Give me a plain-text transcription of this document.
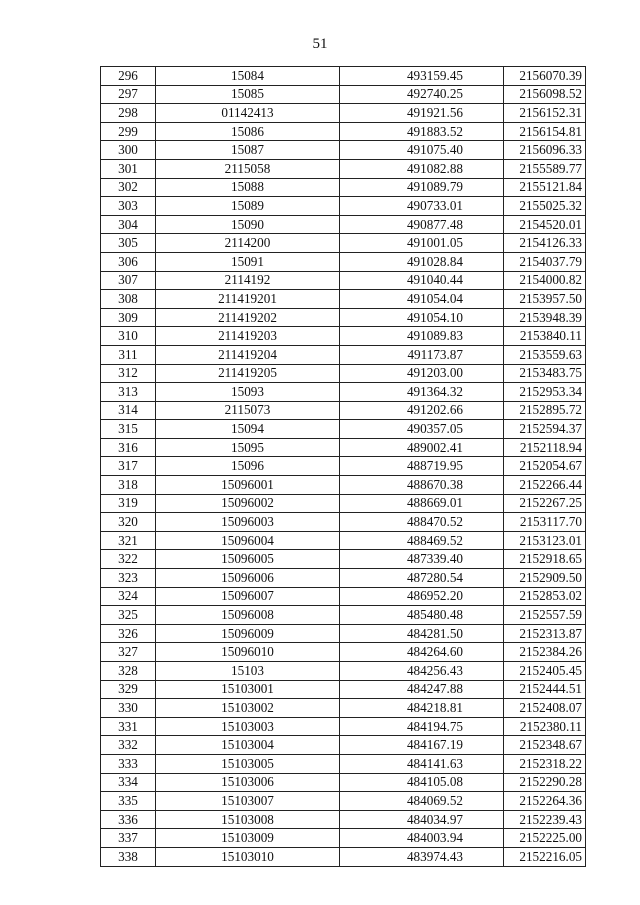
51
296	15084	493159.45	2156070.39
297	15085	492740.25	2156098.52
298	01142413	491921.56	2156152.31
299	15086	491883.52	2156154.81
300	15087	491075.40	2156096.33
301	2115058	491082.88	2155589.77
302	15088	491089.79	2155121.84
303	15089	490733.01	2155025.32
304	15090	490877.48	2154520.01
305	2114200	491001.05	2154126.33
306	15091	491028.84	2154037.79
307	2114192	491040.44	2154000.82
308	211419201	491054.04	2153957.50
309	211419202	491054.10	2153948.39
310	211419203	491089.83	2153840.11
311	211419204	491173.87	2153559.63
312	211419205	491203.00	2153483.75
313	15093	491364.32	2152953.34
314	2115073	491202.66	2152895.72
315	15094	490357.05	2152594.37
316	15095	489002.41	2152118.94
317	15096	488719.95	2152054.67
318	15096001	488670.38	2152266.44
319	15096002	488669.01	2152267.25
320	15096003	488470.52	2153117.70
321	15096004	488469.52	2153123.01
322	15096005	487339.40	2152918.65
323	15096006	487280.54	2152909.50
324	15096007	486952.20	2152853.02
325	15096008	485480.48	2152557.59
326	15096009	484281.50	2152313.87
327	15096010	484264.60	2152384.26
328	15103	484256.43	2152405.45
329	15103001	484247.88	2152444.51
330	15103002	484218.81	2152408.07
331	15103003	484194.75	2152380.11
332	15103004	484167.19	2152348.67
333	15103005	484141.63	2152318.22
334	15103006	484105.08	2152290.28
335	15103007	484069.52	2152264.36
336	15103008	484034.97	2152239.43
337	15103009	484003.94	2152225.00
338	15103010	483974.43	2152216.05
